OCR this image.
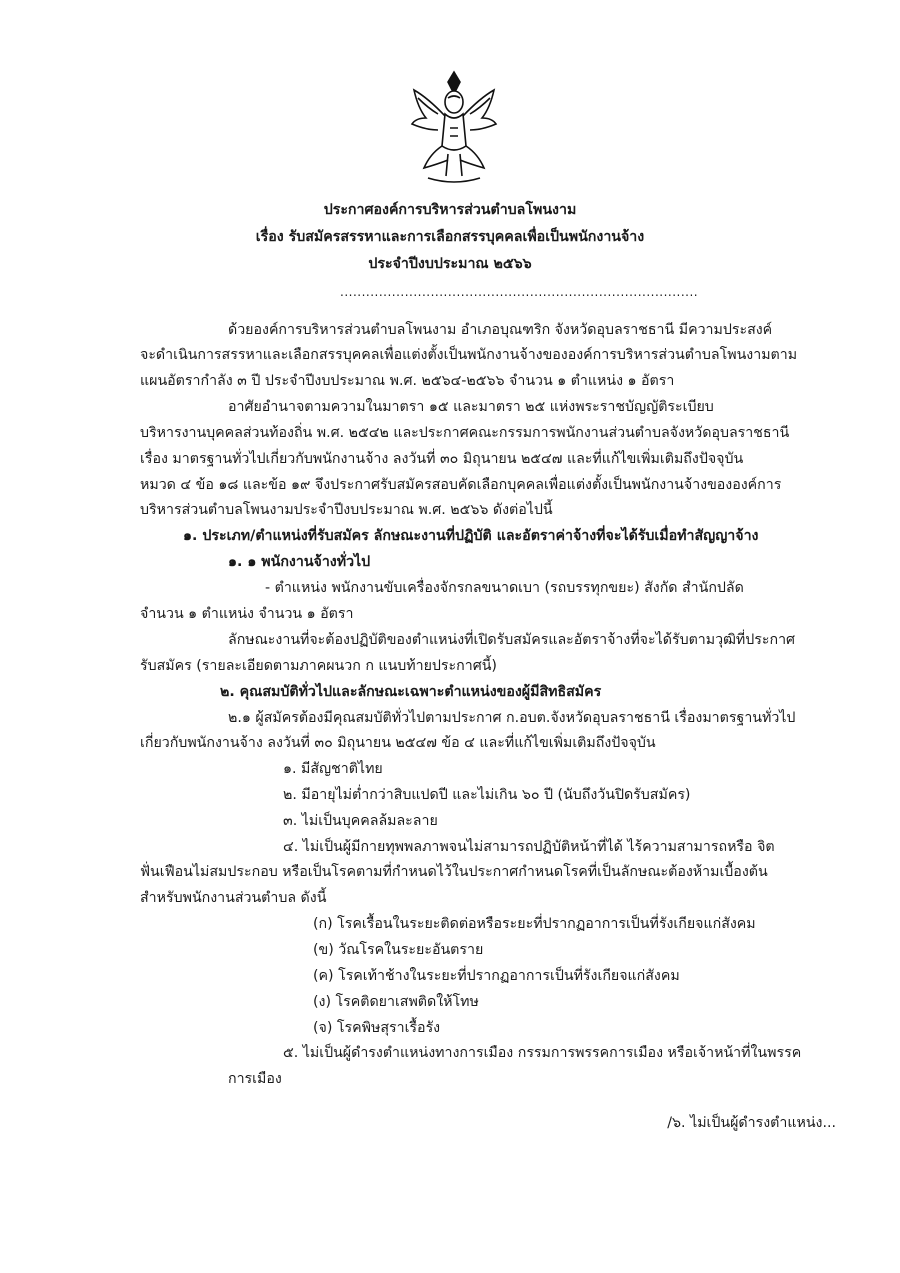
ประกาศองค์การบริหารส่วนตำบลโพนงาม
เรื่อง รับสมัครสรรหาและการเลือกสรรบุคคลเพื่อเป็นพนักงานจ้าง
ประจำปีงบประมาณ ๒๕๖๖
...................................................................................
ด้วยองค์การบริหารส่วนตำบลโพนงาม อำเภอบุณฑริก จังหวัดอุบลราชธานี มีความประสงค์
จะดำเนินการสรรหาและเลือกสรรบุคคลเพื่อแต่งตั้งเป็นพนักงานจ้างขององค์การบริหารส่วนตำบลโพนงามตาม
แผนอัตรากำลัง ๓ ปี ประจำปีงบประมาณ พ.ศ. ๒๕๖๔-๒๕๖๖ จำนวน ๑ ตำแหน่ง ๑ อัตรา
อาศัยอำนาจตามความในมาตรา ๑๕ และมาตรา ๒๕ แห่งพระราชบัญญัติระเบียบ
บริหารงานบุคคลส่วนท้องถิ่น พ.ศ. ๒๕๔๒ และประกาศคณะกรรมการพนักงานส่วนตำบลจังหวัดอุบลราชธานี
เรื่อง มาตรฐานทั่วไปเกี่ยวกับพนักงานจ้าง ลงวันที่ ๓๐ มิถุนายน ๒๕๔๗ และที่แก้ไขเพิ่มเติมถึงปัจจุบัน
หมวด ๔ ข้อ ๑๘ และข้อ ๑๙ จึงประกาศรับสมัครสอบคัดเลือกบุคคลเพื่อแต่งตั้งเป็นพนักงานจ้างขององค์การ
บริหารส่วนตำบลโพนงามประจำปีงบประมาณ พ.ศ. ๒๕๖๖ ดังต่อไปนี้
๑. ประเภท/ตำแหน่งที่รับสมัคร ลักษณะงานที่ปฏิบัติ และอัตราค่าจ้างที่จะได้รับเมื่อทำสัญญาจ้าง
๑. ๑ พนักงานจ้างทั่วไป
- ตำแหน่ง พนักงานขับเครื่องจักรกลขนาดเบา (รถบรรทุกขยะ) สังกัด สำนักปลัด
จำนวน ๑ ตำแหน่ง จำนวน ๑ อัตรา
ลักษณะงานที่จะต้องปฏิบัติของตำแหน่งที่เปิดรับสมัครและอัตราจ้างที่จะได้รับตามวุฒิที่ประกาศ
รับสมัคร (รายละเอียดตามภาคผนวก ก แนบท้ายประกาศนี้)
๒. คุณสมบัติทั่วไปและลักษณะเฉพาะตำแหน่งของผู้มีสิทธิสมัคร
๒.๑ ผู้สมัครต้องมีคุณสมบัติทั่วไปตามประกาศ ก.อบต.จังหวัดอุบลราชธานี เรื่องมาตรฐานทั่วไป
เกี่ยวกับพนักงานจ้าง ลงวันที่ ๓๐ มิถุนายน ๒๕๔๗ ข้อ ๔ และที่แก้ไขเพิ่มเติมถึงปัจจุบัน
๑. มีสัญชาติไทย
๒. มีอายุไม่ต่ำกว่าสิบแปดปี และไม่เกิน ๖๐ ปี (นับถึงวันปิดรับสมัคร)
๓. ไม่เป็นบุคคลล้มละลาย
๔. ไม่เป็นผู้มีกายทุพพลภาพจนไม่สามารถปฏิบัติหน้าที่ได้ ไร้ความสามารถหรือ จิต
ฟั่นเฟือนไม่สมประกอบ หรือเป็นโรคตามที่กำหนดไว้ในประกาศกำหนดโรคที่เป็นลักษณะต้องห้ามเบื้องต้น
สำหรับพนักงานส่วนตำบล ดังนี้
(ก) โรคเรื้อนในระยะติดต่อหรือระยะที่ปรากฏอาการเป็นที่รังเกียจแก่สังคม
(ข) วัณโรคในระยะอันตราย
(ค) โรคเท้าช้างในระยะที่ปรากฏอาการเป็นที่รังเกียจแก่สังคม
(ง) โรคติดยาเสพติดให้โทษ
(จ) โรคพิษสุราเรื้อรัง
๕. ไม่เป็นผู้ดำรงตำแหน่งทางการเมือง กรรมการพรรคการเมือง หรือเจ้าหน้าที่ในพรรค
การเมือง
/๖. ไม่เป็นผู้ดำรงตำแหน่ง...
